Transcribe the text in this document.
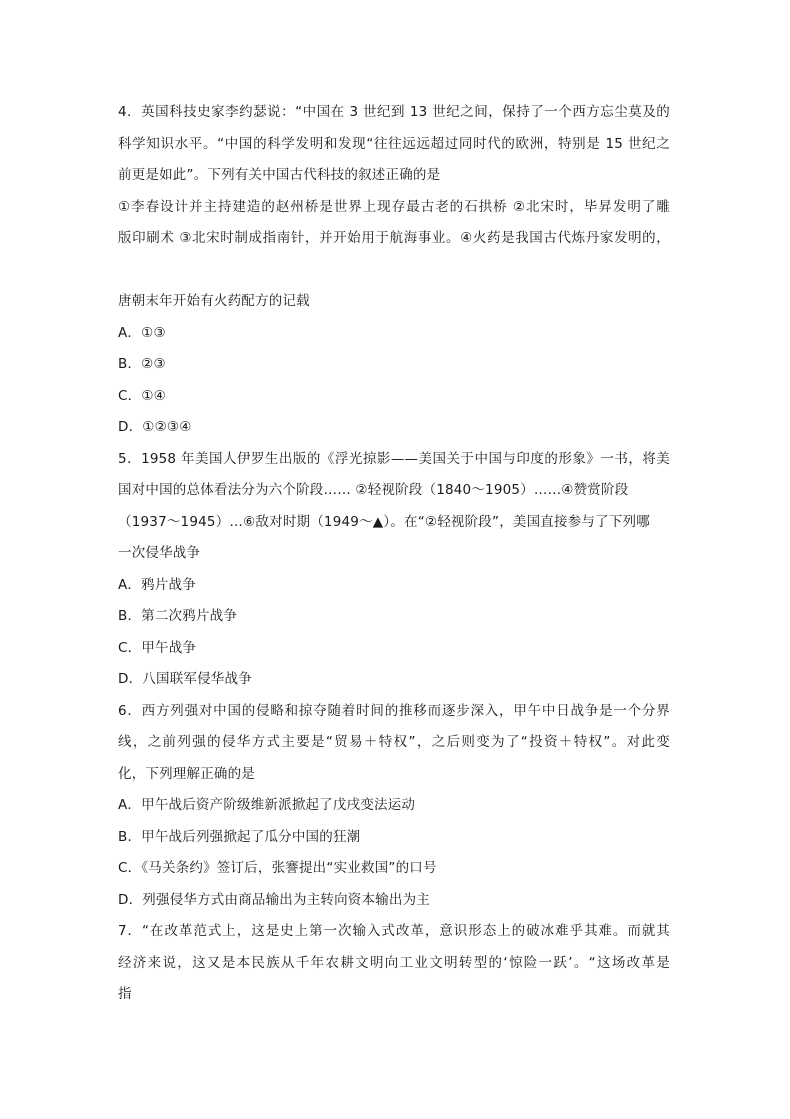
4．英国科技史家李约瑟说：“中国在 3 世纪到 13 世纪之间，保持了一个西方忘尘莫及的
科学知识水平。“中国的科学发明和发现“往往远远超过同时代的欧洲，特别是 15 世纪之
前更是如此”。下列有关中国古代科技的叙述正确的是
①李春设计并主持建造的赵州桥是世界上现存最古老的石拱桥 ②北宋时，毕昇发明了雕
版印刷术 ③北宋时制成指南针，并开始用于航海事业。④火药是我国古代炼丹家发明的，
唐朝末年开始有火药配方的记载
A．①③
B．②③
C．①④
D．①②③④
5．1958 年美国人伊罗生出版的《浮光掠影——美国关于中国与印度的形象》一书，将美
国对中国的总体看法分为六个阶段…… ②轻视阶段（1840～1905）……④赞赏阶段
（1937～1945）…⑥敌对时期（1949～▲）。在“②轻视阶段”，美国直接参与了下列哪
一次侵华战争
A．鸦片战争
B．第二次鸦片战争
C．甲午战争
D．八国联军侵华战争
6．西方列强对中国的侵略和掠夺随着时间的推移而逐步深入，甲午中日战争是一个分界
线，之前列强的侵华方式主要是“贸易＋特权”，之后则变为了“投资＋特权”。对此变
化，下列理解正确的是
A．甲午战后资产阶级维新派掀起了戊戌变法运动
B．甲午战后列强掀起了瓜分中国的狂潮
C．《马关条约》签订后，张謇提出“实业救国”的口号
D．列强侵华方式由商品输出为主转向资本输出为主
7．“在改革范式上，这是史上第一次输入式改革，意识形态上的破冰难乎其难。而就其
经济来说，这又是本民族从千年农耕文明向工业文明转型的‘惊险一跃’。“这场改革是
指
